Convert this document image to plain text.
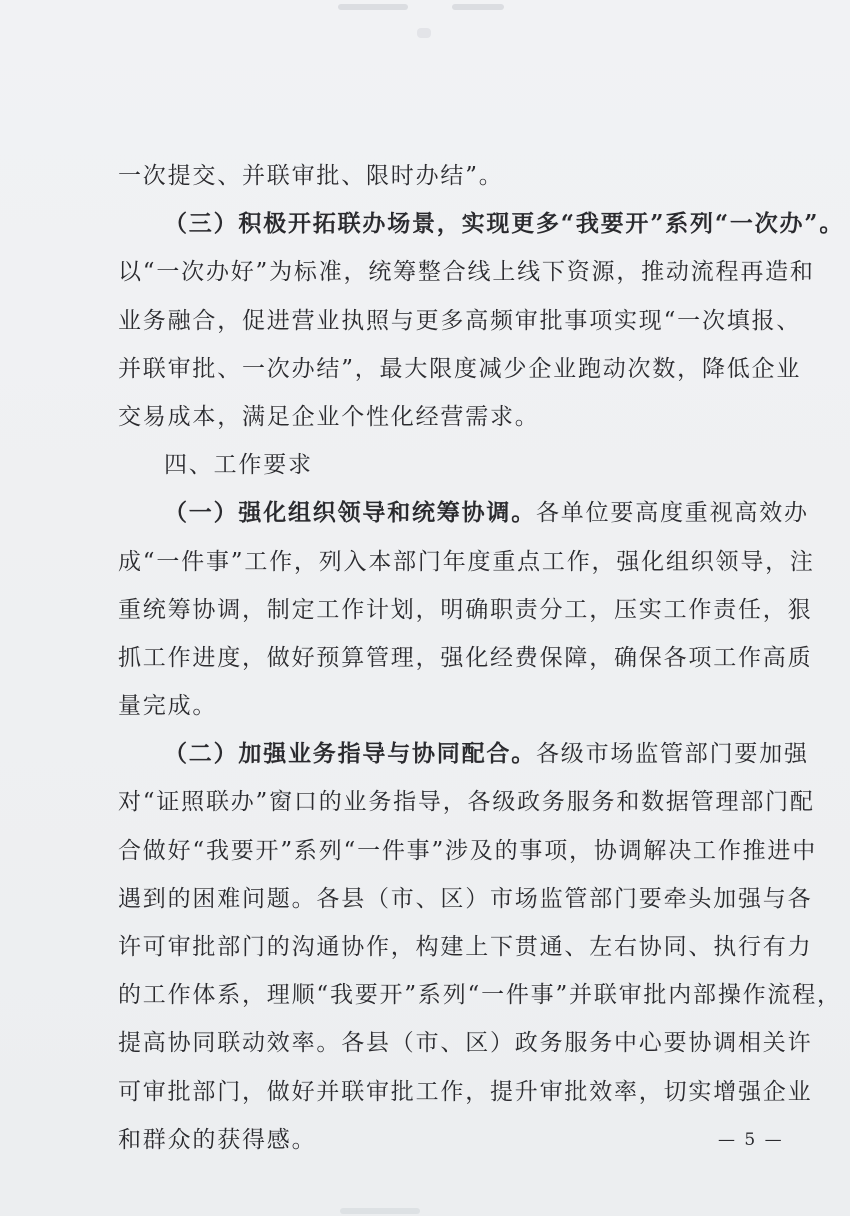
一次提交、并联审批、限时办结”。
（三）积极开拓联办场景，实现更多“我要开”系列“一次办”。
以“一次办好”为标准，统筹整合线上线下资源，推动流程再造和
业务融合，促进营业执照与更多高频审批事项实现“一次填报、
并联审批、一次办结”，最大限度减少企业跑动次数，降低企业
交易成本，满足企业个性化经营需求。
四、工作要求
（一）强化组织领导和统筹协调。各单位要高度重视高效办
成“一件事”工作，列入本部门年度重点工作，强化组织领导，注
重统筹协调，制定工作计划，明确职责分工，压实工作责任，狠
抓工作进度，做好预算管理，强化经费保障，确保各项工作高质
量完成。
（二）加强业务指导与协同配合。各级市场监管部门要加强
对“证照联办”窗口的业务指导，各级政务服务和数据管理部门配
合做好“我要开”系列“一件事”涉及的事项，协调解决工作推进中
遇到的困难问题。各县（市、区）市场监管部门要牵头加强与各
许可审批部门的沟通协作，构建上下贯通、左右协同、执行有力
的工作体系，理顺“我要开”系列“一件事”并联审批内部操作流程，
提高协同联动效率。各县（市、区）政务服务中心要协调相关许
可审批部门，做好并联审批工作，提升审批效率，切实增强企业
和群众的获得感。	— 5 —
